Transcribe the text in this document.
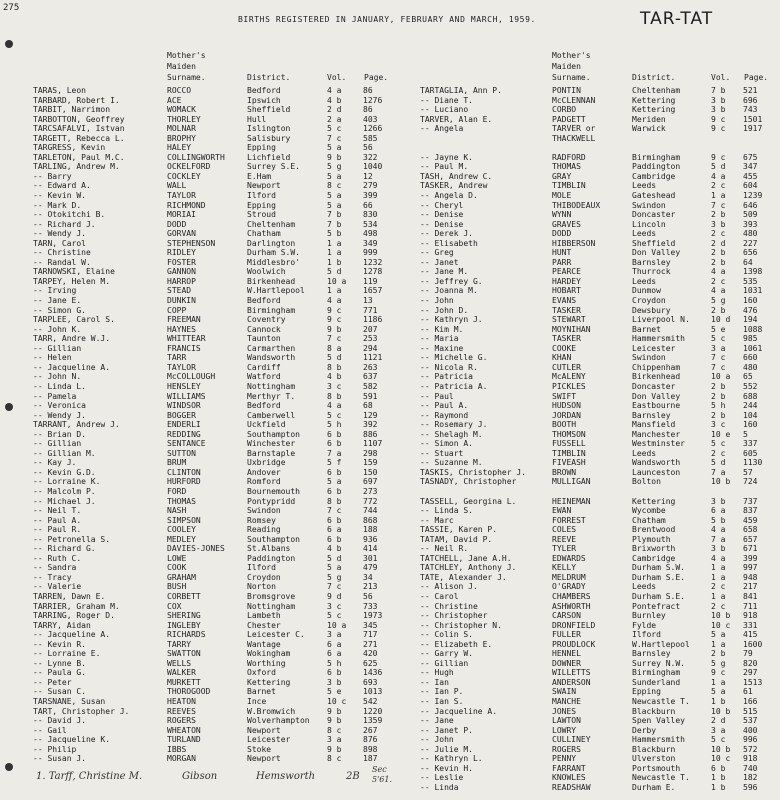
275
BIRTHS REGISTERED IN JANUARY, FEBRUARY AND MARCH, 1959.	TAR-TAT
Mother's
Maiden
Surname.	District.	Vol. Page.
Mother's
Maiden
Surname.	District.	Vol. Page.
TARAS, Leon	ROCCO	Bedford	4 a	86
TARBARD, Robert I.	ACE	Ipswich	4 b	1276
TARBIT, Narrimon	WOMACK	Sheffield	2 d	86
TARBOTTON, Geoffrey	THORLEY	Hull	2 a	403
TARCSAFALVI, Istvan	MOLNAR	Islington	5 c	1266
TARGETT, Rebecca L.	BROPHY	Salisbury	7 c	585
TARGRESS, Kevin	HALEY	Epping	5 a	56
TARLETON, Paul M.C.	COLLINGWORTH	Lichfield	9 b	322
TARLING, Andrew M.	OCKELFORD	Surrey S.E.	5 g	1040
-- Barry	COCKLEY	E.Ham	5 a	12
-- Edward A.	WALL	Newport	8 c	279
-- Kevin W.	TAYLOR	Ilford	5 a	399
-- Mark D.	RICHMOND	Epping	5 a	66
-- Otokitchi B.	MORIAI	Stroud	7 b	830
-- Richard J.	DODD	Cheltenham	7 b	534
-- Wendy J.	GORVAN	Chatham	5 b	498
TARN, Carol	STEPHENSON	Darlington	1 a	349
-- Christine	RIDLEY	Durham S.W.	1 a	999
-- Randal W.	FOSTER	Middlesbro'	1 b	1232
TARNOWSKI, Elaine	GANNON	Woolwich	5 d	1278
TARPEY, Helen M.	HARROP	Birkenhead	10 a 119
-- Irving	STEAD	W.Hartlepool	1 a	1657
-- Jane E.	DUNKIN	Bedford	4 a	13
-- Simon G.	COPP	Birmingham	9 c	771
TARPLEE, Carol S.	FREEMAN	Coventry	9 c	1186
-- John K.	HAYNES	Cannock	9 b	207
TARR, Andre W.J.	WHITTEAR	Taunton	7 c	253
-- Gillian	FRANCIS	Carmarthen	8 a	294
-- Helen	TARR	Wandsworth	5 d	1121
-- Jacqueline A.	TAYLOR	Cardiff	8 b	263
-- John N.	McCOLLOUGH	Watford	4 b	637
-- Linda L.	HENSLEY	Nottingham	3 c	582
-- Pamela	WILLIAMS	Merthyr T.	8 b	591
-- Veronica	WINDSOR	Bedford	4 a	68
-- Wendy J.	BOGGER	Camberwell	5 c	129
TARRANT, Andrew J.	ENDERLI	Uckfield	5 h	392
-- Brian D.	REDDING	Southampton	6 b	886
-- Gillian	SENTANCE	Winchester	6 b	1107
-- Gillian M.	SUTTON	Barnstaple	7 a	298
-- Kay J.	BRUM	Uxbridge	5 f	159
-- Kevin G.D.	CLINTON	Andover	6 b	150
-- Lorraine K.	HURFORD	Romford	5 a	697
-- Malcolm P.	FORD	Bournemouth	6 b	273
-- Michael J.	THOMAS	Pontypridd	8 b	772
-- Neil T.	NASH	Swindon	7 c	744
-- Paul A.	SIMPSON	Romsey	6 b	868
-- Paul R.	COOLEY	Reading	6 a	188
-- Petronella S.	MEDLEY	Southampton	6 b	936
-- Richard G.	DAVIES-JONES	St.Albans	4 b	414
-- Ruth C.	LOWE	Paddington	5 d	301
-- Sandra	COOK	Ilford	5 a	479
-- Tracy	GRAHAM	Croydon	5 g	34
-- Valerie	BUSH	Norton	7 c	213
TARREN, Dawn E.	CORBETT	Bromsgrove	9 d	56
TARRIER, Graham M.	COX	Nottingham	3 c	733
TARRING, Roger D.	SHERING	Lambeth	5 c	1973
TARRY, Aidan	INGLEBY	Chester	10 a 345
-- Jacqueline A.	RICHARDS	Leicester C.	3 a	717
-- Kevin R.	TARRY	Wantage	6 a	271
-- Lorraine E.	SWATTON	Wokingham	6 a	420
-- Lynne B.	WELLS	Worthing	5 h	625
-- Paula G.	WALKER	Oxford	6 b	1436
-- Peter	MURKETT	Kettering	3 b	693
-- Susan C.	THOROGOOD	Barnet	5 e	1013
TARSNANE, Susan	HEATON	Ince	10 c 542
TART, Christopher J.	REEVES	W.Bromwich	9 b	1220
-- David J.	ROGERS	Wolverhampton 9 b	1359
-- Gail	WHEATON	Newport	8 c	267
-- Jacqueline K.	TURLAND	Leicester	3 a	876
-- Philip	IBBS	Stoke	9 b	898
-- Susan J.	MORGAN	Newport	8 c	187
TARTAGLIA, Ann P.	PONTIN	Cheltenham	7 b 521
-- Diane T.	McCLENNAN	Kettering	3 b 696
-- Luciano	CORBO	Kettering	3 b 743
TARVER, Alan E.	PADGETT	Meriden	9 c 1501
-- Angela	TARVER or	Warwick	9 c 1917
THACKWELL
-- Jayne K.	RADFORD	Birmingham	9 c 675
-- Paul M.	THOMAS	Paddington	5 d 347
TASH, Andrew C.	GRAY	Cambridge	4 a 455
TASKER, Andrew	TIMBLIN	Leeds	2 c 604
-- Angela D.	MOLE	Gateshead	1 a 1239
-- Cheryl	THIBODEAUX	Swindon	7 c 646
-- Denise	WYNN	Doncaster	2 b 509
-- Denise	GRAVES	Lincoln	3 b 393
-- Derek J.	DODD	Leeds	2 c 480
-- Elisabeth	HIBBERSON	Sheffield	2 d 227
-- Greg	HUNT	Don Valley	2 b 656
-- Janet	PARR	Barnsley	2 b 64
-- Jane M.	PEARCE	Thurrock	4 a 1398
-- Jeffrey G.	HARDEY	Leeds	2 c 535
-- Joanna M.	HOBART	Dunmow	4 a 1031
-- John	EVANS	Croydon	5 g 160
-- John D.	TASKER	Dewsbury	2 b 476
-- Kathryn J.	STEWART	Liverpool N.	10 d 194
-- Kim M.	MOYNIHAN	Barnet	5 e 1088
-- Maria	TASKER	Hammersmith	5 c 985
-- Maxine	COOKE	Leicester	3 a 1061
-- Michelle G.	KHAN	Swindon	7 c 660
-- Nicola R.	CUTLER	Chippenham	7 c 480
-- Patricia	McALENY	Birkenhead	10 a 65
-- Patricia A.	PICKLES	Doncaster	2 b 552
-- Paul	SWIFT	Don Valley	2 b 688
-- Paul A.	HUDSON	Eastbourne	5 h 244
-- Raymond	JORDAN	Barnsley	2 b 104
-- Rosemary J.	BOOTH	Mansfield	3 c 160
-- Shelagh M.	THOMSON	Manchester	10 e 5
-- Simon A.	FUSSELL	Westminster	5 c 337
-- Stuart	TIMBLIN	Leeds	2 c 605
-- Suzanne M.	FIVEASH	Wandsworth	5 d 1130
TASKIS, Christopher J.	BROWN	Launceston	7 a 57
TASNADY, Christopher	MULLIGAN	Bolton	10 b 724
TASSELL, Georgina L.	HEINEMAN	Kettering	3 b 737
-- Linda S.	EWAN	Wycombe	6 a 837
-- Marc	FORREST	Chatham	5 b 459
TASSIE, Karen P.	COLES	Brentwood	4 a 658
TATAM, David P.	REEVE	Plymouth	7 a 657
-- Neil R.	TYLER	Brixworth	3 b 671
TATCHELL, Jane A.H.	EDWARDS	Cambridge	4 a 399
TATCHLEY, Anthony J.	KELLY	Durham S.W.	1 a 997
TATE, Alexander J.	MELDRUM	Durham S.E.	1 a 948
-- Alison J.	O'GRADY	Leeds	2 c 217
-- Carol	CHAMBERS	Durham S.E.	1 a 841
-- Christine	ASHWORTH	Pontefract	2 c 711
-- Christopher	CARSON	Burnley	10 b 918
-- Christopher N.	DRONFIELD	Fylde	10 c 331
-- Colin S.	FULLER	Ilford	5 a 415
-- Elizabeth E.	PROUDLOCK	W.Hartlepool	1 a 1600
-- Garry W.	HENNEL	Barnsley	2 b 79
-- Gillian	DOWNER	Surrey N.W.	5 g 820
-- Hugh	WILLETTS	Birmingham	9 c 297
-- Ian	ANDERSON	Sunderland	1 a 1513
-- Ian P.	SWAIN	Epping	5 a 61
-- Ian S.	MANCHE	Newcastle T.	1 b 166
-- Jacqueline A.	JONES	Blackburn	10 b 515
-- Jane	LAWTON	Spen Valley	2 d 537
-- Janet P.	LOWRY	Derby	3 a 400
-- John	CULLINEY	Hammersmith	5 c 996
-- Julie M.	ROGERS	Blackburn	10 b 572
-- Kathryn L.	PENNY	Ulverston	10 c 918
-- Kevin H.	FARRANT	Portsmouth	6 b 740
-- Leslie	KNOWLES	Newcastle T.	1 b 182
-- Linda	READSHAW	Durham E.	1 b 596
1. Tarff, Christine M.	Gibson	Hemsworth	2B
Sec
5'61.
